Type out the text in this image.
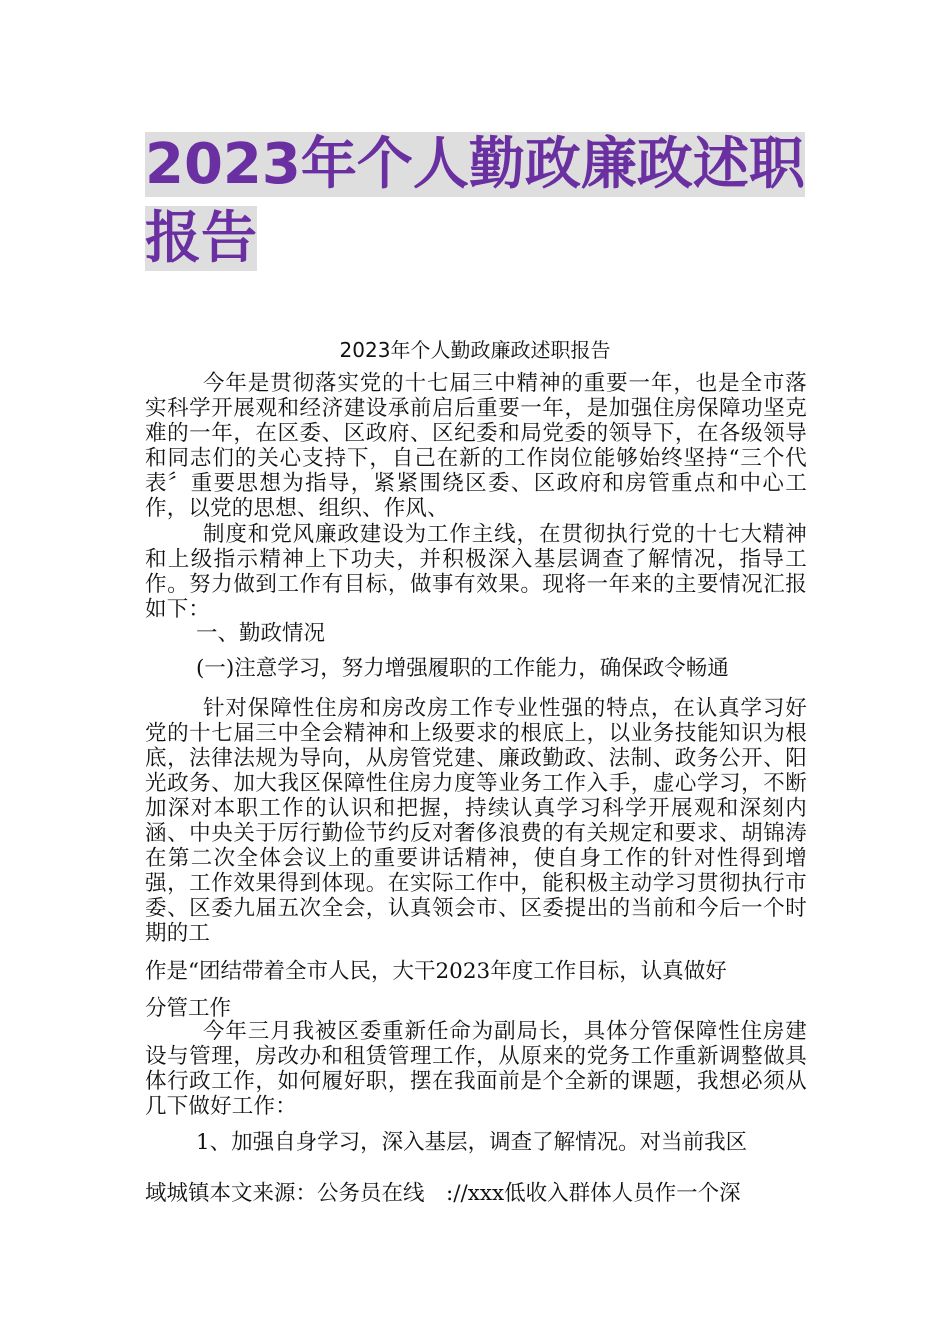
2023年个人勤政廉政述职
报告

2023年个人勤政廉政述职报告

今年是贯彻落实党的十七届三中精神的重要一年，也是全市落实科学开展观和经济建设承前启后重要一年，是加强住房保障功坚克难的一年，在区委、区政府、区纪委和局党委的领导下，在各级领导和同志们的关心支持下，自己在新的工作岗位能够始终坚持“三个代表〞重要思想为指导，紧紧围绕区委、区政府和房管重点和中心工作，以党的思想、组织、作风、

制度和党风廉政建设为工作主线，在贯彻执行党的十七大精神和上级指示精神上下功夫，并积极深入基层调查了解情况，指导工作。努力做到工作有目标，做事有效果。现将一年来的主要情况汇报如下：

一、勤政情况

(一)注意学习，努力增强履职的工作能力，确保政令畅通

针对保障性住房和房改房工作专业性强的特点，在认真学习好党的十七届三中全会精神和上级要求的根底上，以业务技能知识为根底，法律法规为导向，从房管党建、廉政勤政、法制、政务公开、阳光政务、加大我区保障性住房力度等业务工作入手，虚心学习，不断加深对本职工作的认识和把握，持续认真学习科学开展观和深刻内涵、中央关于厉行勤俭节约反对奢侈浪费的有关规定和要求、胡锦涛在第二次全体会议上的重要讲话精神，使自身工作的针对性得到增强，工作效果得到体现。在实际工作中，能积极主动学习贯彻执行市委、区委九届五次全会，认真领会市、区委提出的当前和今后一个时期的工

作是“团结带着全市人民，大干2023年度工作目标，认真做好

分管工作

今年三月我被区委重新任命为副局长，具体分管保障性住房建设与管理，房改办和租赁管理工作，从原来的党务工作重新调整做具体行政工作，如何履好职，摆在我面前是个全新的课题，我想必须从几下做好工作：

1、加强自身学习，深入基层，调查了解情况。对当前我区

域城镇本文来源：公务员在线　://xxx低收入群体人员作一个深
